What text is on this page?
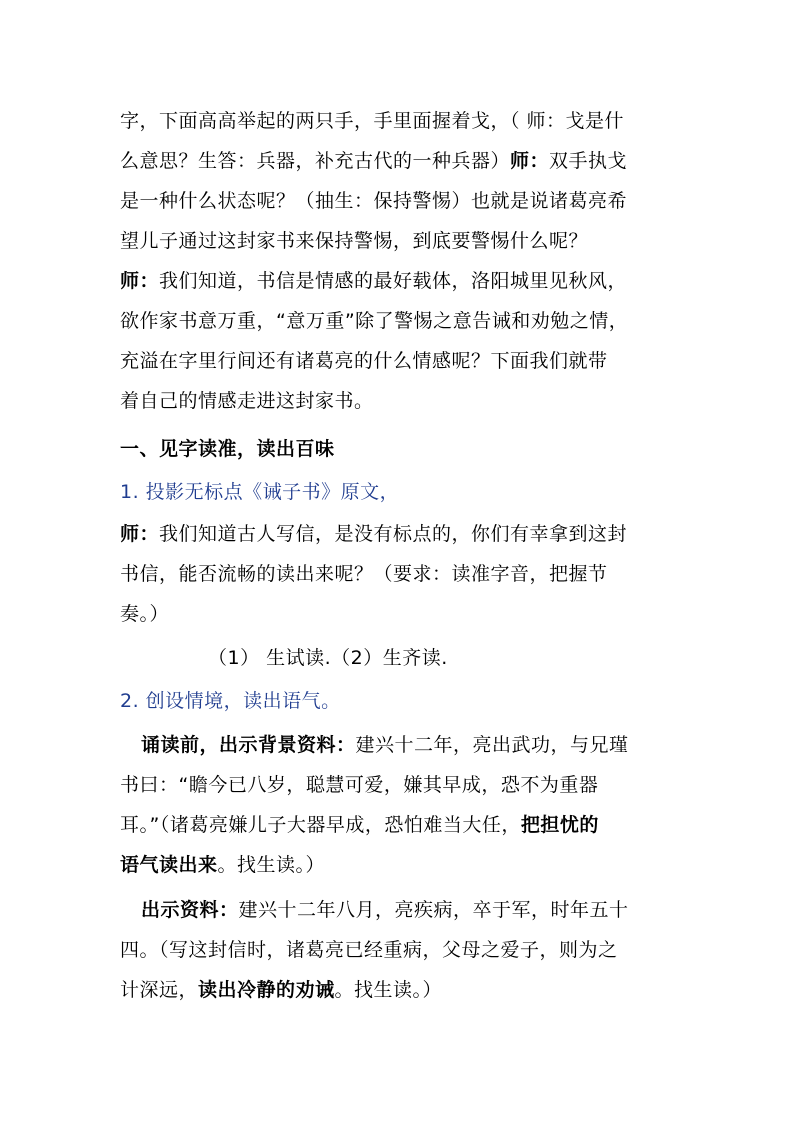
字，下面高高举起的两只手，手里面握着戈，（ 师：戈是什
么意思？生答：兵器，补充古代的一种兵器）师：双手执戈
是一种什么状态呢？（抽生：保持警惕）也就是说诸葛亮希
望儿子通过这封家书来保持警惕，到底要警惕什么呢？
师：我们知道，书信是情感的最好载体，洛阳城里见秋风，
欲作家书意万重，“意万重”除了警惕之意告诫和劝勉之情，
充溢在字里行间还有诸葛亮的什么情感呢？下面我们就带
着自己的情感走进这封家书。
一、见字读准，读出百味
1. 投影无标点《诫子书》原文，
师：我们知道古人写信，是没有标点的，你们有幸拿到这封
书信，能否流畅的读出来呢？（要求：读准字音，把握节
奏。）
（1） 生试读.（2）生齐读.
2. 创设情境，读出语气。
诵读前，出示背景资料：建兴十二年，亮出武功，与兄瑾
书曰：“瞻今已八岁，聪慧可爱，嫌其早成，恐不为重器
耳。”（诸葛亮嫌儿子大器早成，恐怕难当大任，把担忧的
语气读出来。找生读。）
出示资料：建兴十二年八月，亮疾病，卒于军，时年五十
四。（写这封信时，诸葛亮已经重病，父母之爱子，则为之
计深远，读出冷静的劝诫。找生读。）
